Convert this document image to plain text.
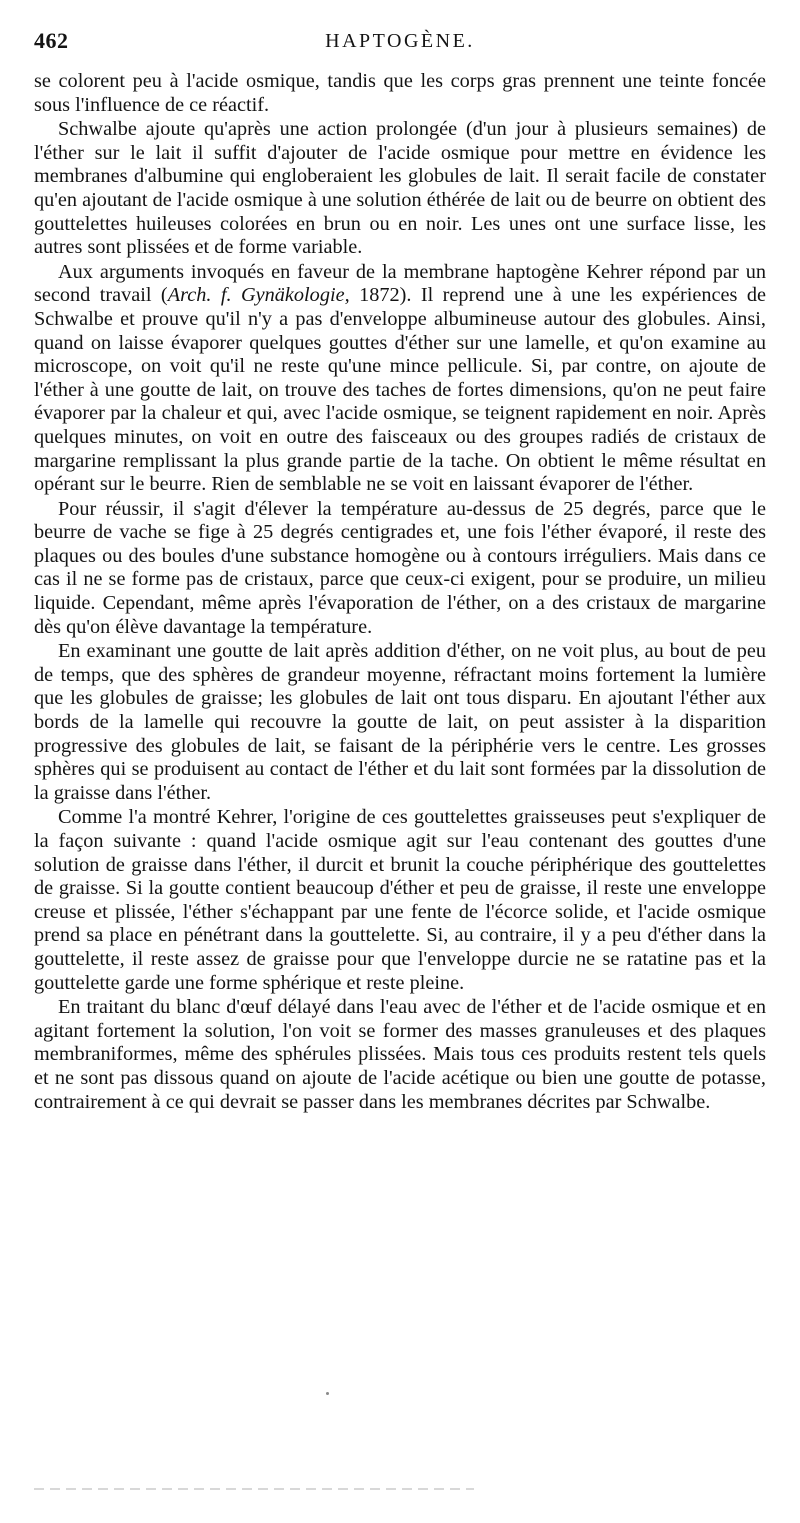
462	HAPTOGÈNE.

se colorent peu à l'acide osmique, tandis que les corps gras prennent une teinte foncée sous l'influence de ce réactif.

Schwalbe ajoute qu'après une action prolongée (d'un jour à plusieurs semaines) de l'éther sur le lait il suffit d'ajouter de l'acide osmique pour mettre en évidence les membranes d'albumine qui engloberaient les globules de lait. Il serait facile de constater qu'en ajoutant de l'acide osmique à une solution éthérée de lait ou de beurre on obtient des gouttelettes huileuses colorées en brun ou en noir. Les unes ont une surface lisse, les autres sont plissées et de forme variable.

Aux arguments invoqués en faveur de la membrane haptogène Kehrer répond par un second travail (Arch. f. Gynäkologie, 1872). Il reprend une à une les expériences de Schwalbe et prouve qu'il n'y a pas d'enveloppe albumineuse autour des globules. Ainsi, quand on laisse évaporer quelques gouttes d'éther sur une lamelle, et qu'on examine au microscope, on voit qu'il ne reste qu'une mince pellicule. Si, par contre, on ajoute de l'éther à une goutte de lait, on trouve des taches de fortes dimensions, qu'on ne peut faire évaporer par la chaleur et qui, avec l'acide osmique, se teignent rapidement en noir. Après quelques minutes, on voit en outre des faisceaux ou des groupes radiés de cristaux de margarine remplissant la plus grande partie de la tache. On obtient le même résultat en opérant sur le beurre. Rien de semblable ne se voit en laissant évaporer de l'éther.

Pour réussir, il s'agit d'élever la température au-dessus de 25 degrés, parce que le beurre de vache se fige à 25 degrés centigrades et, une fois l'éther évaporé, il reste des plaques ou des boules d'une substance homogène ou à contours irréguliers. Mais dans ce cas il ne se forme pas de cristaux, parce que ceux-ci exigent, pour se produire, un milieu liquide. Cependant, même après l'évaporation de l'éther, on a des cristaux de margarine dès qu'on élève davantage la température.

En examinant une goutte de lait après addition d'éther, on ne voit plus, au bout de peu de temps, que des sphères de grandeur moyenne, réfractant moins fortement la lumière que les globules de graisse; les globules de lait ont tous disparu. En ajoutant l'éther aux bords de la lamelle qui recouvre la goutte de lait, on peut assister à la disparition progressive des globules de lait, se faisant de la périphérie vers le centre. Les grosses sphères qui se produisent au contact de l'éther et du lait sont formées par la dissolution de la graisse dans l'éther.

Comme l'a montré Kehrer, l'origine de ces gouttelettes graisseuses peut s'expliquer de la façon suivante : quand l'acide osmique agit sur l'eau contenant des gouttes d'une solution de graisse dans l'éther, il durcit et brunit la couche périphérique des gouttelettes de graisse. Si la goutte contient beaucoup d'éther et peu de graisse, il reste une enveloppe creuse et plissée, l'éther s'échappant par une fente de l'écorce solide, et l'acide osmique prend sa place en pénétrant dans la gouttelette. Si, au contraire, il y a peu d'éther dans la gouttelette, il reste assez de graisse pour que l'enveloppe durcie ne se ratatine pas et la gouttelette garde une forme sphérique et reste pleine.

En traitant du blanc d'œuf délayé dans l'eau avec de l'éther et de l'acide osmique et en agitant fortement la solution, l'on voit se former des masses granuleuses et des plaques membraniformes, même des sphérules plissées. Mais tous ces produits restent tels quels et ne sont pas dissous quand on ajoute de l'acide acétique ou bien une goutte de potasse, contrairement à ce qui devrait se passer dans les membranes décrites par Schwalbe.
